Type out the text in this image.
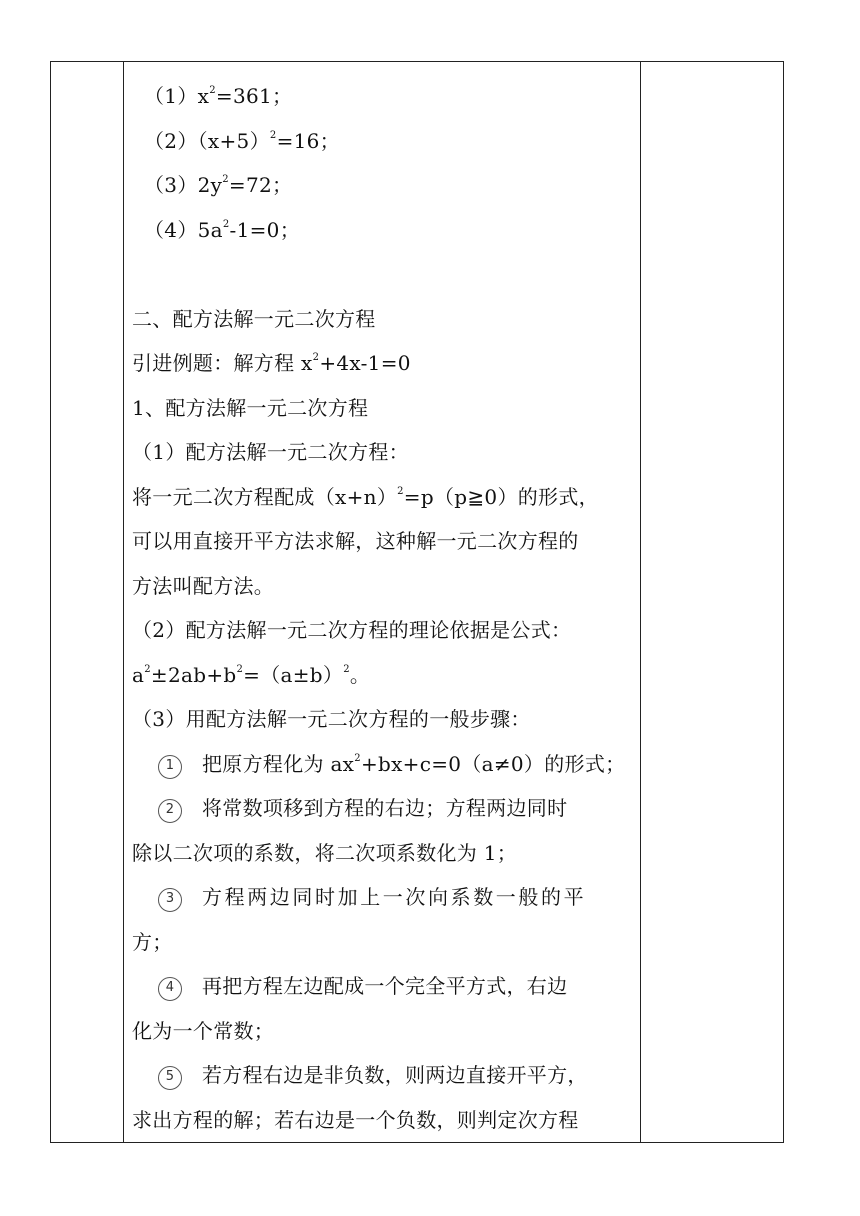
$(1)x^2=361$；
$(2)(x+5)^2=16$；
$(3)2y^2=72$；
$(4)5a^2-1=0$；
二、配方法解一元二次方程
引进例题：解方程 $x^2+4x-1=0$
1、配方法解一元二次方程
（1）配方法解一元二次方程：
将一元二次方程配成$(x+n)^2=p(p≧0)$的形式，
可以用直接开平方法求解，这种解一元二次方程的
方法叫配方法。
（2）配方法解一元二次方程的理论依据是公式：
$a^2\pm 2ab+b^2=(a\pm b)^2$。
（3）用配方法解一元二次方程的一般步骤：
1 把原方程化为 $ax^2+bx+c=0(a\ne 0)$的形式；
2 将常数项移到方程的右边；方程两边同时
除以二次项的系数，将二次项系数化为 1；
3 方程两边同时加上一次向系数一般的平
方；
4 再把方程左边配成一个完全平方式，右边
化为一个常数；
5 若方程右边是非负数，则两边直接开平方，
求出方程的解；若右边是一个负数，则判定次方程
